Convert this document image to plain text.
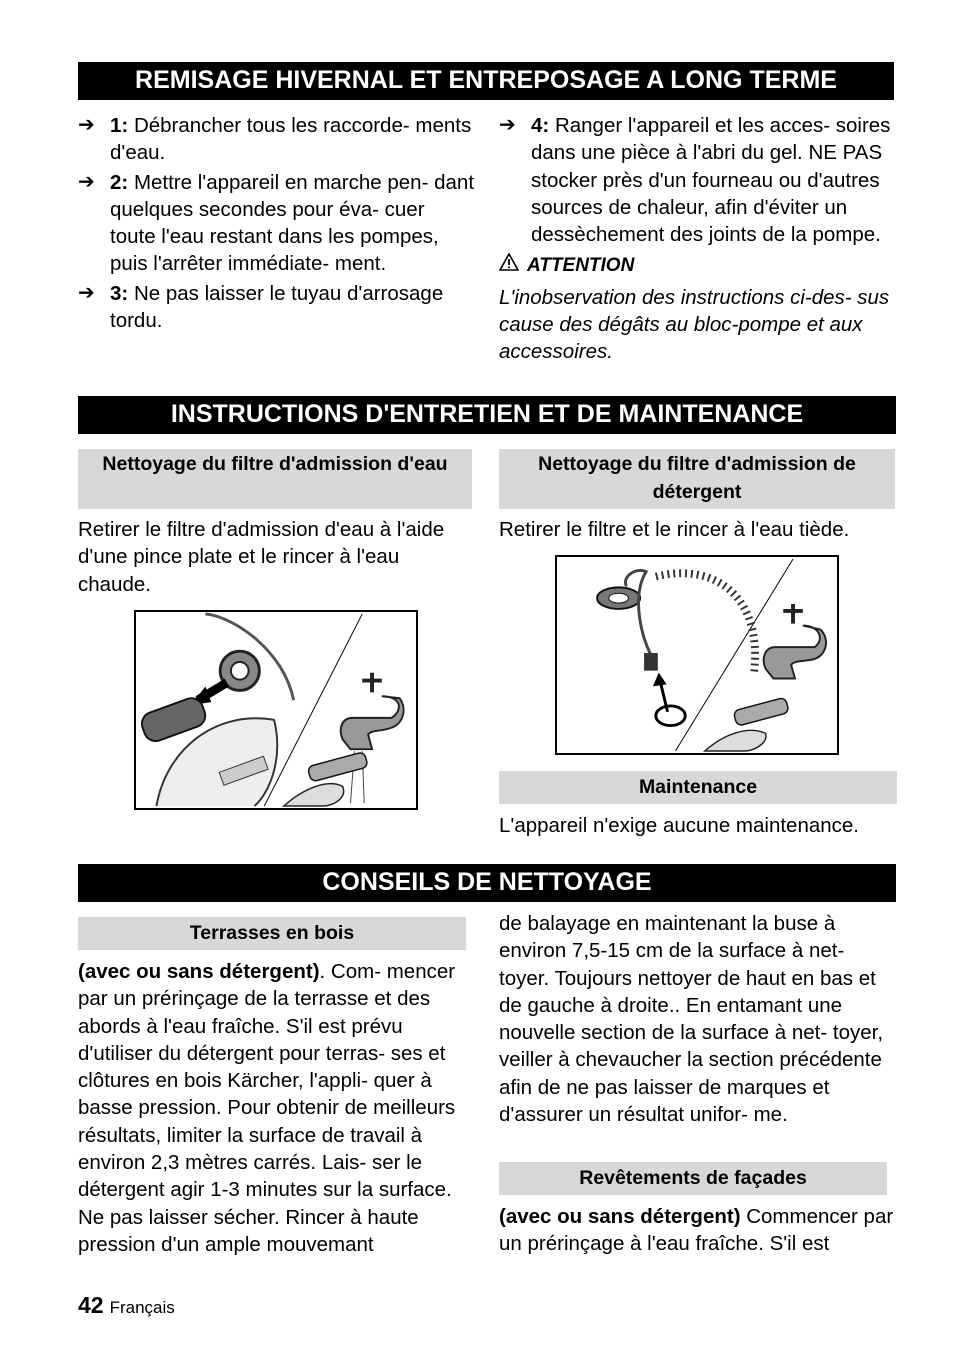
REMISAGE HIVERNAL ET ENTREPOSAGE A LONG TERME
➔ 1: Débrancher tous les raccorde- ments d'eau.
➔ 2: Mettre l'appareil en marche pen- dant quelques secondes pour éva- cuer toute l'eau restant dans les pompes, puis l'arrêter immédiate- ment.
➔ 3: Ne pas laisser le tuyau d'arrosage tordu.
➔ 4: Ranger l'appareil et les acces- soires dans une pièce à l'abri du gel. NE PAS stocker près d'un fourneau ou d'autres sources de chaleur, afin d'éviter un dessèchement des joints de la pompe.
ATTENTION

L'inobservation des instructions ci-des- sus cause des dégâts au bloc-pompe et aux accessoires.

INSTRUCTIONS D'ENTRETIEN ET DE MAINTENANCE
Nettoyage du filtre d'admission d'eau

Retirer le filtre d'admission d'eau à l'aide d'une pince plate et le rincer à l'eau chaude.

Nettoyage du filtre d'admission de détergent

Retirer le filtre et le rincer à l'eau tiède.

Maintenance

L'appareil n'exige aucune maintenance.

CONSEILS DE NETTOYAGE
Terrasses en bois

(avec ou sans détergent). Com- mencer par un prérinçage de la terrasse et des abords à l'eau fraîche. S'il est prévu d'utiliser du détergent pour terras- ses et clôtures en bois Kärcher, l'appli- quer à basse pression. Pour obtenir de meilleurs résultats, limiter la surface de travail à environ 2,3 mètres carrés. Lais- ser le détergent agir 1-3 minutes sur la surface. Ne pas laisser sécher. Rincer à haute pression d'un ample mouvemant

de balayage en maintenant la buse à environ 7,5-15 cm de la surface à net- toyer. Toujours nettoyer de haut en bas et de gauche à droite.. En entamant une nouvelle section de la surface à net- toyer, veiller à chevaucher la section précédente afin de ne pas laisser de marques et d'assurer un résultat unifor- me.

Revêtements de façades

(avec ou sans détergent) Commencer par un prérinçage à l'eau fraîche. S'il est

42 Français
